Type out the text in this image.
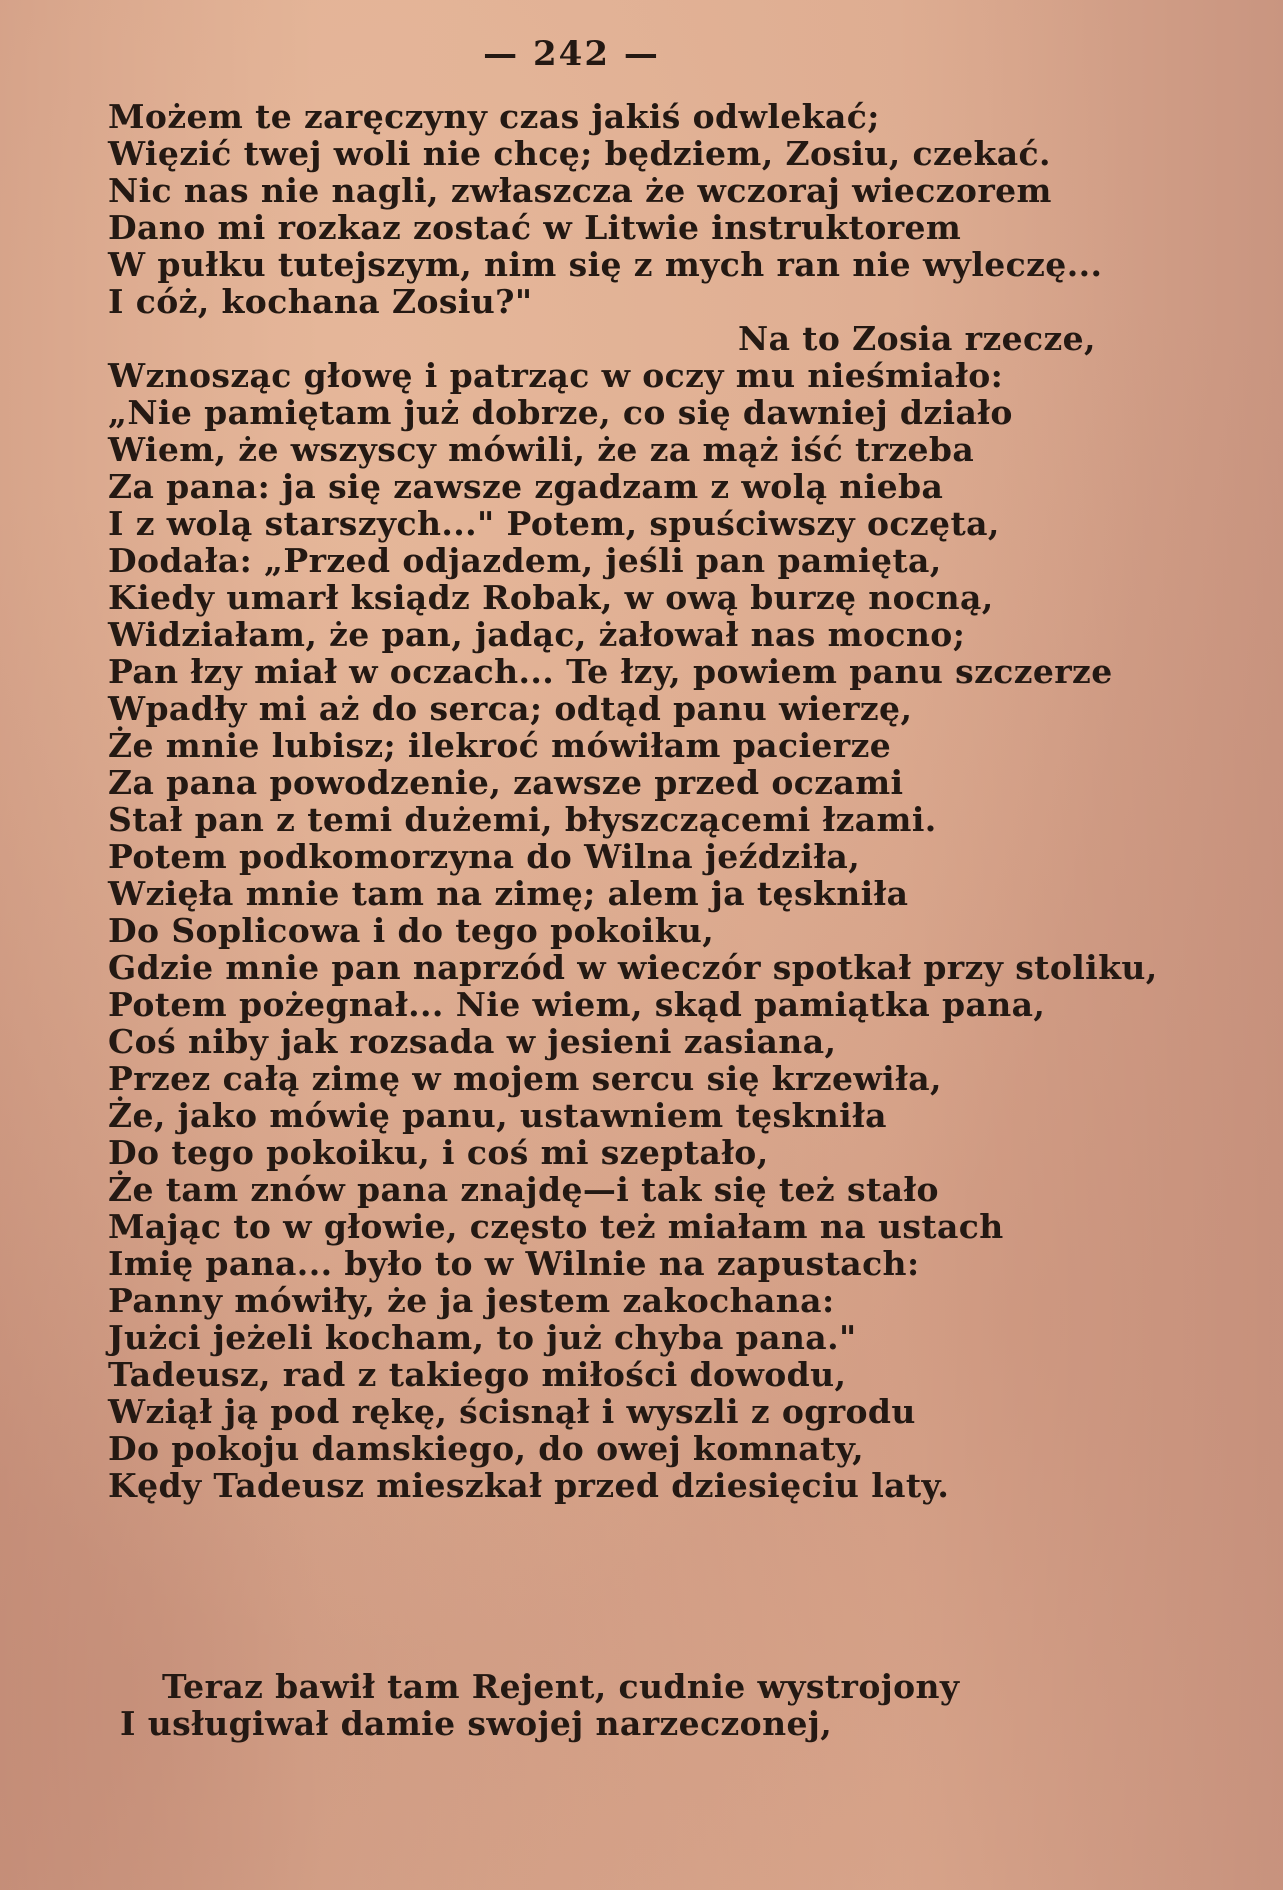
— 242 —
Możem te zaręczyny czas jakiś odwlekać;
Więzić twej woli nie chcę; będziem, Zosiu, czekać.
Nic nas nie nagli, zwłaszcza że wczoraj wieczorem
Dano mi rozkaz zostać w Litwie instruktorem
W pułku tutejszym, nim się z mych ran nie wyleczę...
I cóż, kochana Zosiu?"
Na to Zosia rzecze,
Wznosząc głowę i patrząc w oczy mu nieśmiało:
„Nie pamiętam już dobrze, co się dawniej działo
Wiem, że wszyscy mówili, że za mąż iść trzeba
Za pana: ja się zawsze zgadzam z wolą nieba
I z wolą starszych..." Potem, spuściwszy oczęta,
Dodała: „Przed odjazdem, jeśli pan pamięta,
Kiedy umarł ksiądz Robak, w ową burzę nocną,
Widziałam, że pan, jadąc, żałował nas mocno;
Pan łzy miał w oczach... Te łzy, powiem panu szczerze
Wpadły mi aż do serca; odtąd panu wierzę,
Że mnie lubisz; ilekroć mówiłam pacierze
Za pana powodzenie, zawsze przed oczami
Stał pan z temi dużemi, błyszczącemi łzami.
Potem podkomorzyna do Wilna jeździła,
Wzięła mnie tam na zimę; alem ja tęskniła
Do Soplicowa i do tego pokoiku,
Gdzie mnie pan naprzód w wieczór spotkał przy stoliku,
Potem pożegnał... Nie wiem, skąd pamiątka pana,
Coś niby jak rozsada w jesieni zasiana,
Przez całą zimę w mojem sercu się krzewiła,
Że, jako mówię panu, ustawniem tęskniła
Do tego pokoiku, i coś mi szeptało,
Że tam znów pana znajdę—i tak się też stało
Mając to w głowie, często też miałam na ustach
Imię pana... było to w Wilnie na zapustach:
Panny mówiły, że ja jestem zakochana:
Jużci jeżeli kocham, to już chyba pana."
Tadeusz, rad z takiego miłości dowodu,
Wziął ją pod rękę, ścisnął i wyszli z ogrodu
Do pokoju damskiego, do owej komnaty,
Kędy Tadeusz mieszkał przed dziesięciu laty.
Teraz bawił tam Rejent, cudnie wystrojony
I usługiwał damie swojej narzeczonej,
